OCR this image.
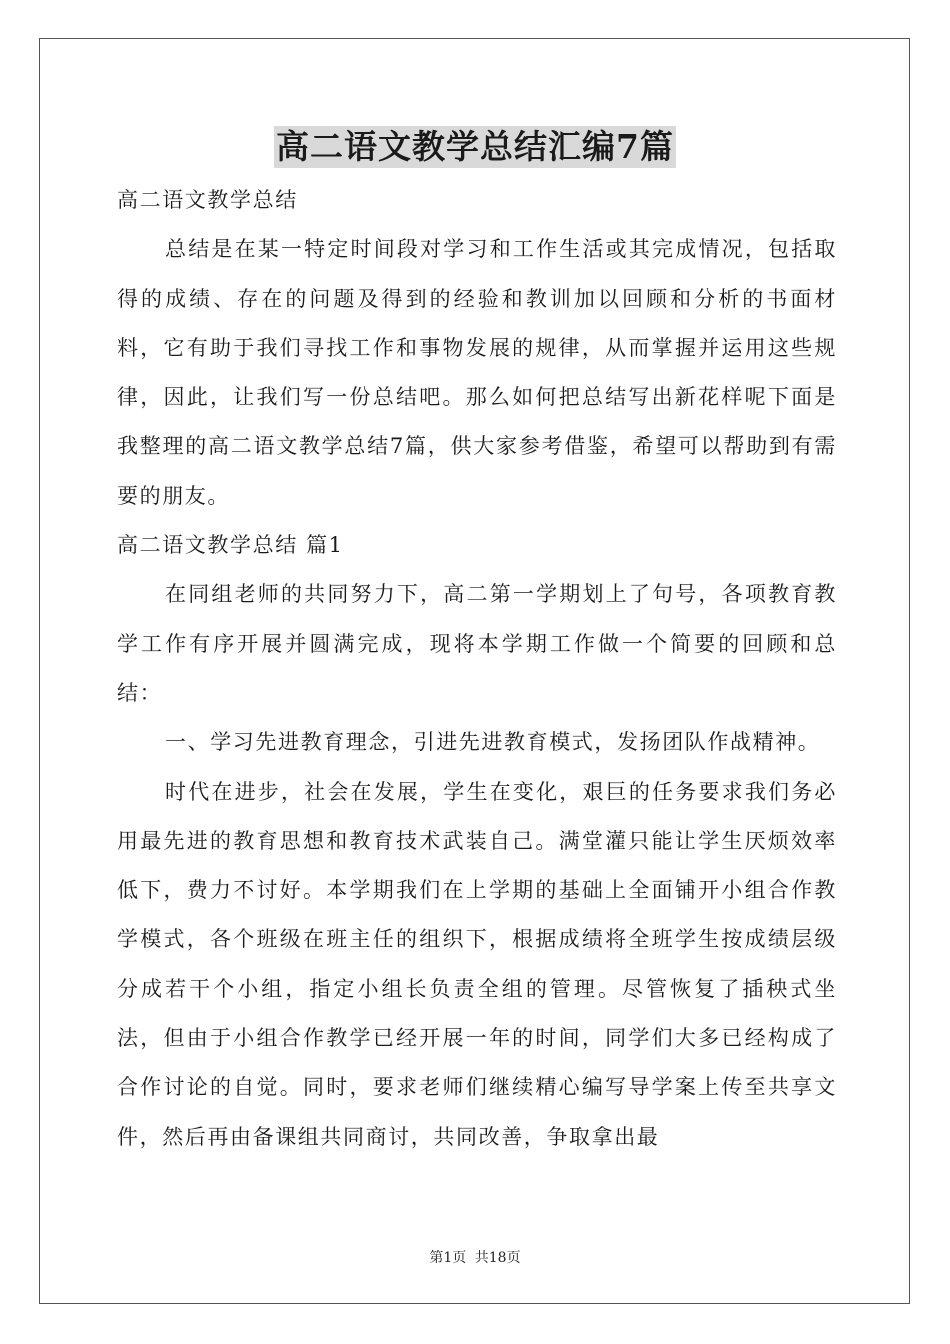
高二语文教学总结汇编7篇

高二语文教学总结

总结是在某一特定时间段对学习和工作生活或其完成情况，包括取得的成绩、存在的问题及得到的经验和教训加以回顾和分析的书面材料，它有助于我们寻找工作和事物发展的规律，从而掌握并运用这些规律，因此，让我们写一份总结吧。那么如何把总结写出新花样呢下面是我整理的高二语文教学总结7篇，供大家参考借鉴，希望可以帮助到有需要的朋友。

高二语文教学总结 篇1

在同组老师的共同努力下，高二第一学期划上了句号，各项教育教学工作有序开展并圆满完成，现将本学期工作做一个简要的回顾和总结：

一、学习先进教育理念，引进先进教育模式，发扬团队作战精神。

时代在进步，社会在发展，学生在变化，艰巨的任务要求我们务必用最先进的教育思想和教育技术武装自己。满堂灌只能让学生厌烦效率低下，费力不讨好。本学期我们在上学期的基础上全面铺开小组合作教学模式，各个班级在班主任的组织下，根据成绩将全班学生按成绩层级分成若干个小组，指定小组长负责全组的管理。尽管恢复了插秧式坐法，但由于小组合作教学已经开展一年的时间，同学们大多已经构成了合作讨论的自觉。同时，要求老师们继续精心编写导学案上传至共享文件，然后再由备课组共同商讨，共同改善，争取拿出最

第1页 共18页
